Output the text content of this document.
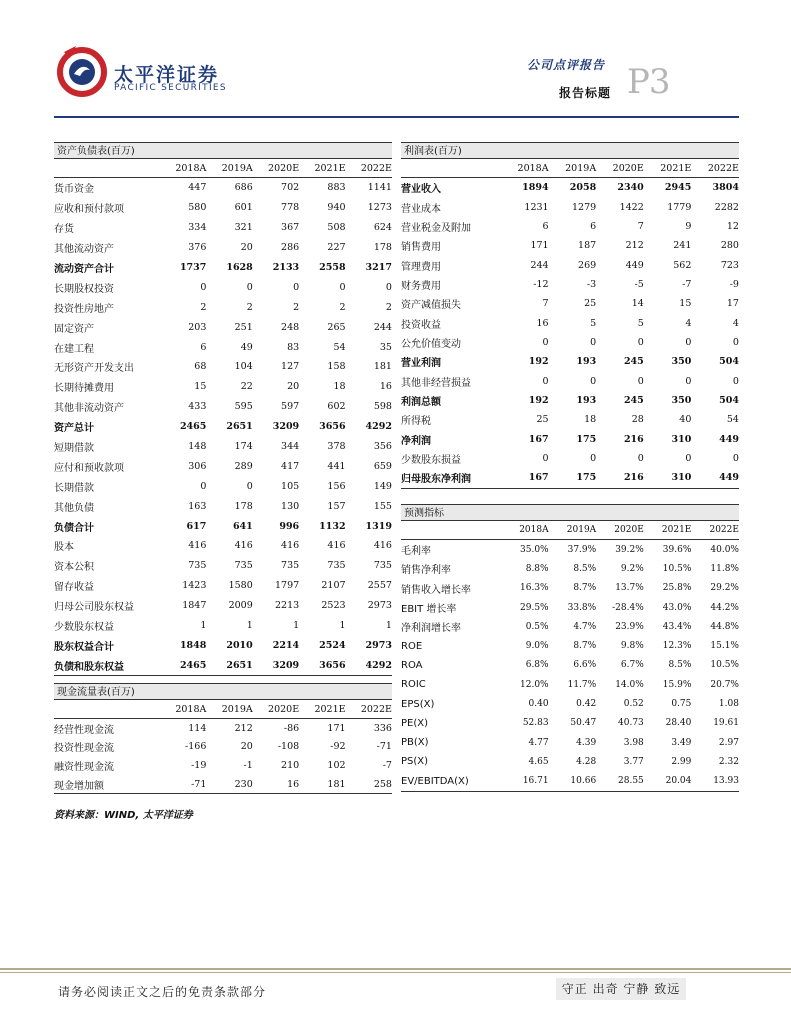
太平洋证券
PACIFIC SECURITIES
公司点评报告
报告标题 P3
资产负债表(百万)
2018A	2019A	2020E	2021E	2022E
货币资金	447	686	702	883	1141
应收和预付款项	580	601	778	940	1273
存货	334	321	367	508	624
其他流动资产	376	20	286	227	178
流动资产合计	1737	1628	2133	2558	3217
长期股权投资	0	0	0	0	0
投资性房地产	2	2	2	2	2
固定资产	203	251	248	265	244
在建工程	6	49	83	54	35
无形资产开发支出	68	104	127	158	181
长期待摊费用	15	22	20	18	16
其他非流动资产	433	595	597	602	598
资产总计	2465	2651	3209	3656	4292
短期借款	148	174	344	378	356
应付和预收款项	306	289	417	441	659
长期借款	0	0	105	156	149
其他负债	163	178	130	157	155
负债合计	617	641	996	1132	1319
股本	416	416	416	416	416
资本公积	735	735	735	735	735
留存收益	1423	1580	1797	2107	2557
归母公司股东权益	1847	2009	2213	2523	2973
少数股东权益	1	1	1	1	1
股东权益合计	1848	2010	2214	2524	2973
负债和股东权益	2465	2651	3209	3656	4292
利润表(百万)
2018A	2019A	2020E	2021E	2022E
营业收入	1894	2058	2340	2945	3804
营业成本	1231	1279	1422	1779	2282
营业税金及附加	6	6	7	9	12
销售费用	171	187	212	241	280
管理费用	244	269	449	562	723
财务费用	-12	-3	-5	-7	-9
资产减值损失	7	25	14	15	17
投资收益	16	5	5	4	4
公允价值变动	0	0	0	0	0
营业利润	192	193	245	350	504
其他非经营损益	0	0	0	0	0
利润总额	192	193	245	350	504
所得税	25	18	28	40	54
净利润	167	175	216	310	449
少数股东损益	0	0	0	0	0
归母股东净利润	167	175	216	310	449
预测指标
2018A	2019A	2020E	2021E	2022E
毛利率	35.0%	37.9%	39.2%	39.6%	40.0%
销售净利率	8.8%	8.5%	9.2%	10.5%	11.8%
销售收入增长率	16.3%	8.7%	13.7%	25.8%	29.2%
EBIT 增长率	29.5%	33.8%	-28.4%	43.0%	44.2%
净利润增长率	0.5%	4.7%	23.9%	43.4%	44.8%
ROE	9.0%	8.7%	9.8%	12.3%	15.1%
ROA	6.8%	6.6%	6.7%	8.5%	10.5%
ROIC	12.0%	11.7%	14.0%	15.9%	20.7%
EPS(X)	0.40	0.42	0.52	0.75	1.08
PE(X)	52.83	50.47	40.73	28.40	19.61
PB(X)	4.77	4.39	3.98	3.49	2.97
PS(X)	4.65	4.28	3.77	2.99	2.32
EV/EBITDA(X)	16.71	10.66	28.55	20.04	13.93
现金流量表(百万)
2018A	2019A	2020E	2021E	2022E
经营性现金流	114	212	-86	171	336
投资性现金流	-166	20	-108	-92	-71
融资性现金流	-19	-1	210	102	-7
现金增加额	-71	230	16	181	258
资料来源：WIND, 太平洋证券
请务必阅读正文之后的免责条款部分	守正 出奇 宁静 致远
